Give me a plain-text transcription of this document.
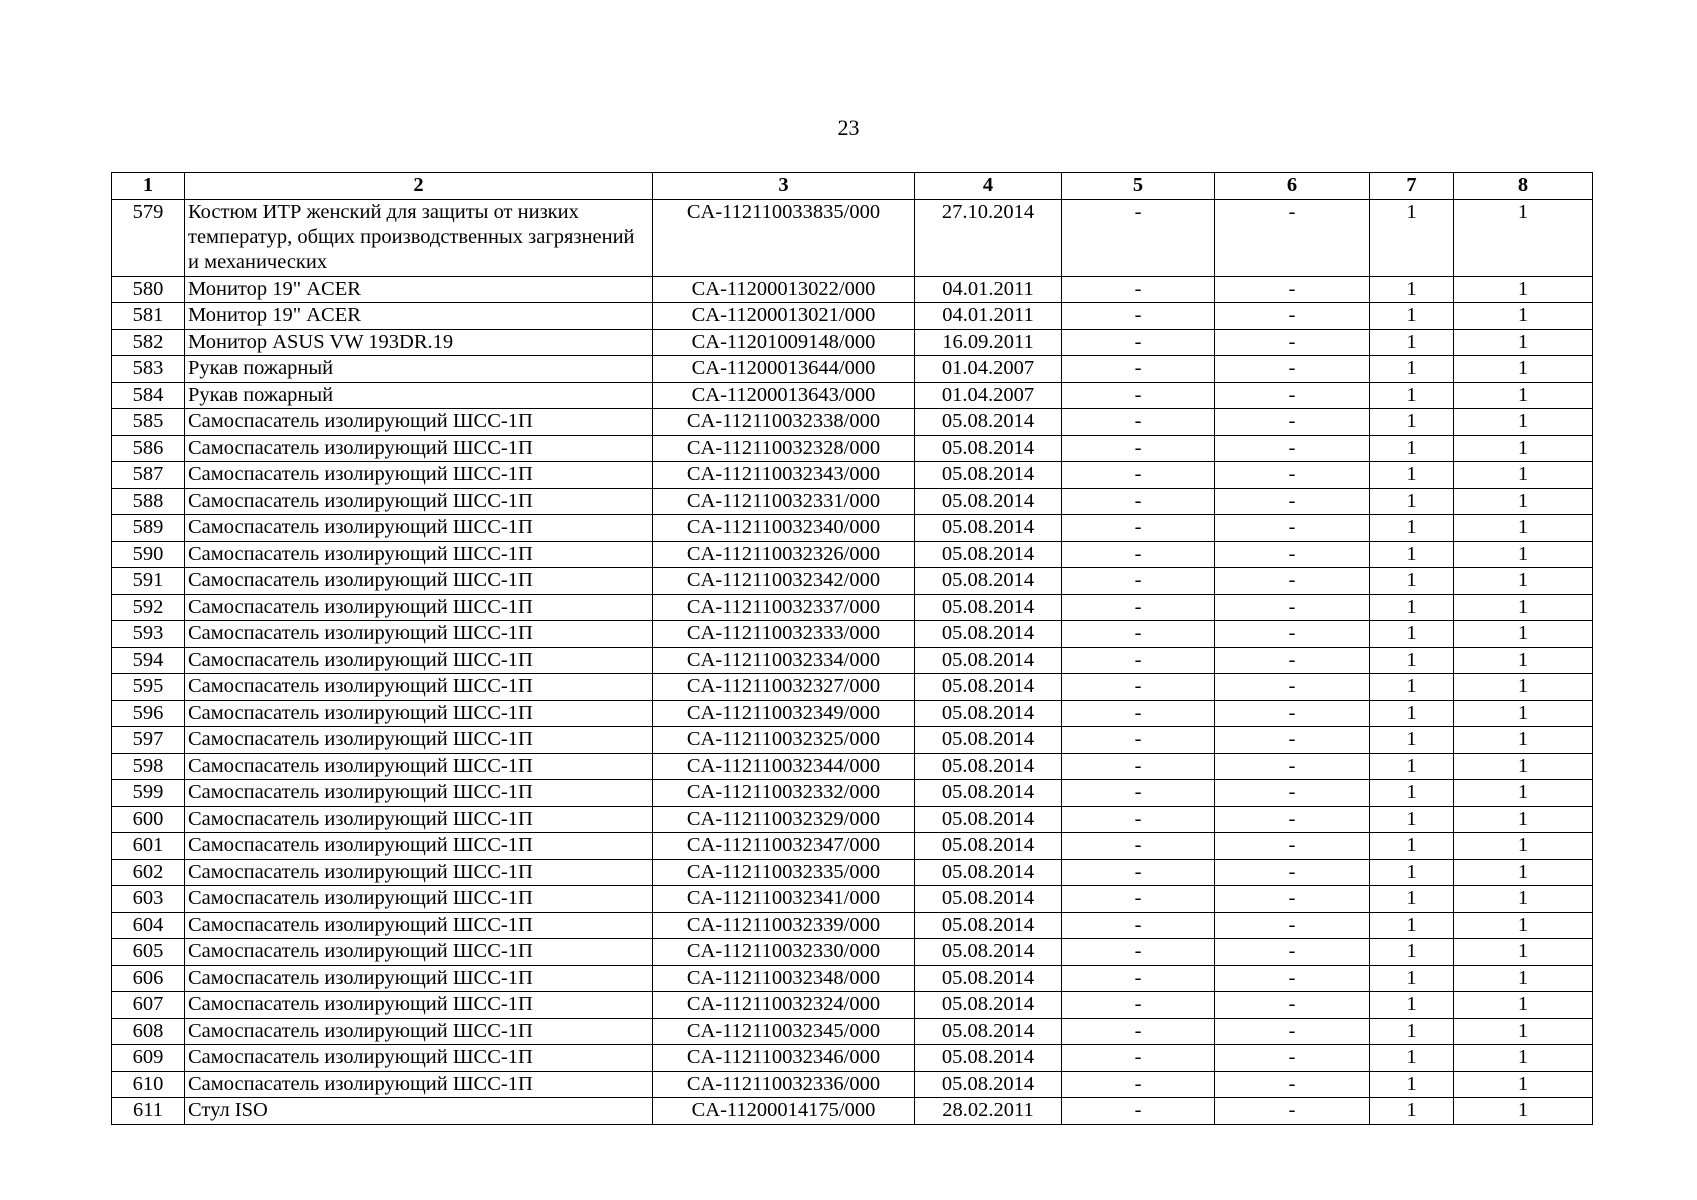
23
1	2	3	4	5	6	7	8
579	Костюм ИТР женский для защиты от низких температур, общих производственных загрязнений и механических	CA-112110033835/000	27.10.2014	-	-	1	1
580	Монитор 19" ACER	CA-11200013022/000	04.01.2011	-	-	1	1
581	Монитор 19" ACER	CA-11200013021/000	04.01.2011	-	-	1	1
582	Монитор ASUS VW 193DR.19	CA-11201009148/000	16.09.2011	-	-	1	1
583	Рукав пожарный	CA-11200013644/000	01.04.2007	-	-	1	1
584	Рукав пожарный	CA-11200013643/000	01.04.2007	-	-	1	1
585	Самоспасатель изолирующий ШСС-1П	CA-112110032338/000	05.08.2014	-	-	1	1
586	Самоспасатель изолирующий ШСС-1П	CA-112110032328/000	05.08.2014	-	-	1	1
587	Самоспасатель изолирующий ШСС-1П	CA-112110032343/000	05.08.2014	-	-	1	1
588	Самоспасатель изолирующий ШСС-1П	CA-112110032331/000	05.08.2014	-	-	1	1
589	Самоспасатель изолирующий ШСС-1П	CA-112110032340/000	05.08.2014	-	-	1	1
590	Самоспасатель изолирующий ШСС-1П	CA-112110032326/000	05.08.2014	-	-	1	1
591	Самоспасатель изолирующий ШСС-1П	CA-112110032342/000	05.08.2014	-	-	1	1
592	Самоспасатель изолирующий ШСС-1П	CA-112110032337/000	05.08.2014	-	-	1	1
593	Самоспасатель изолирующий ШСС-1П	CA-112110032333/000	05.08.2014	-	-	1	1
594	Самоспасатель изолирующий ШСС-1П	CA-112110032334/000	05.08.2014	-	-	1	1
595	Самоспасатель изолирующий ШСС-1П	CA-112110032327/000	05.08.2014	-	-	1	1
596	Самоспасатель изолирующий ШСС-1П	CA-112110032349/000	05.08.2014	-	-	1	1
597	Самоспасатель изолирующий ШСС-1П	CA-112110032325/000	05.08.2014	-	-	1	1
598	Самоспасатель изолирующий ШСС-1П	CA-112110032344/000	05.08.2014	-	-	1	1
599	Самоспасатель изолирующий ШСС-1П	CA-112110032332/000	05.08.2014	-	-	1	1
600	Самоспасатель изолирующий ШСС-1П	CA-112110032329/000	05.08.2014	-	-	1	1
601	Самоспасатель изолирующий ШСС-1П	CA-112110032347/000	05.08.2014	-	-	1	1
602	Самоспасатель изолирующий ШСС-1П	CA-112110032335/000	05.08.2014	-	-	1	1
603	Самоспасатель изолирующий ШСС-1П	CA-112110032341/000	05.08.2014	-	-	1	1
604	Самоспасатель изолирующий ШСС-1П	CA-112110032339/000	05.08.2014	-	-	1	1
605	Самоспасатель изолирующий ШСС-1П	CA-112110032330/000	05.08.2014	-	-	1	1
606	Самоспасатель изолирующий ШСС-1П	CA-112110032348/000	05.08.2014	-	-	1	1
607	Самоспасатель изолирующий ШСС-1П	CA-112110032324/000	05.08.2014	-	-	1	1
608	Самоспасатель изолирующий ШСС-1П	CA-112110032345/000	05.08.2014	-	-	1	1
609	Самоспасатель изолирующий ШСС-1П	CA-112110032346/000	05.08.2014	-	-	1	1
610	Самоспасатель изолирующий ШСС-1П	CA-112110032336/000	05.08.2014	-	-	1	1
611	Стул ISO	CA-11200014175/000	28.02.2011	-	-	1	1
